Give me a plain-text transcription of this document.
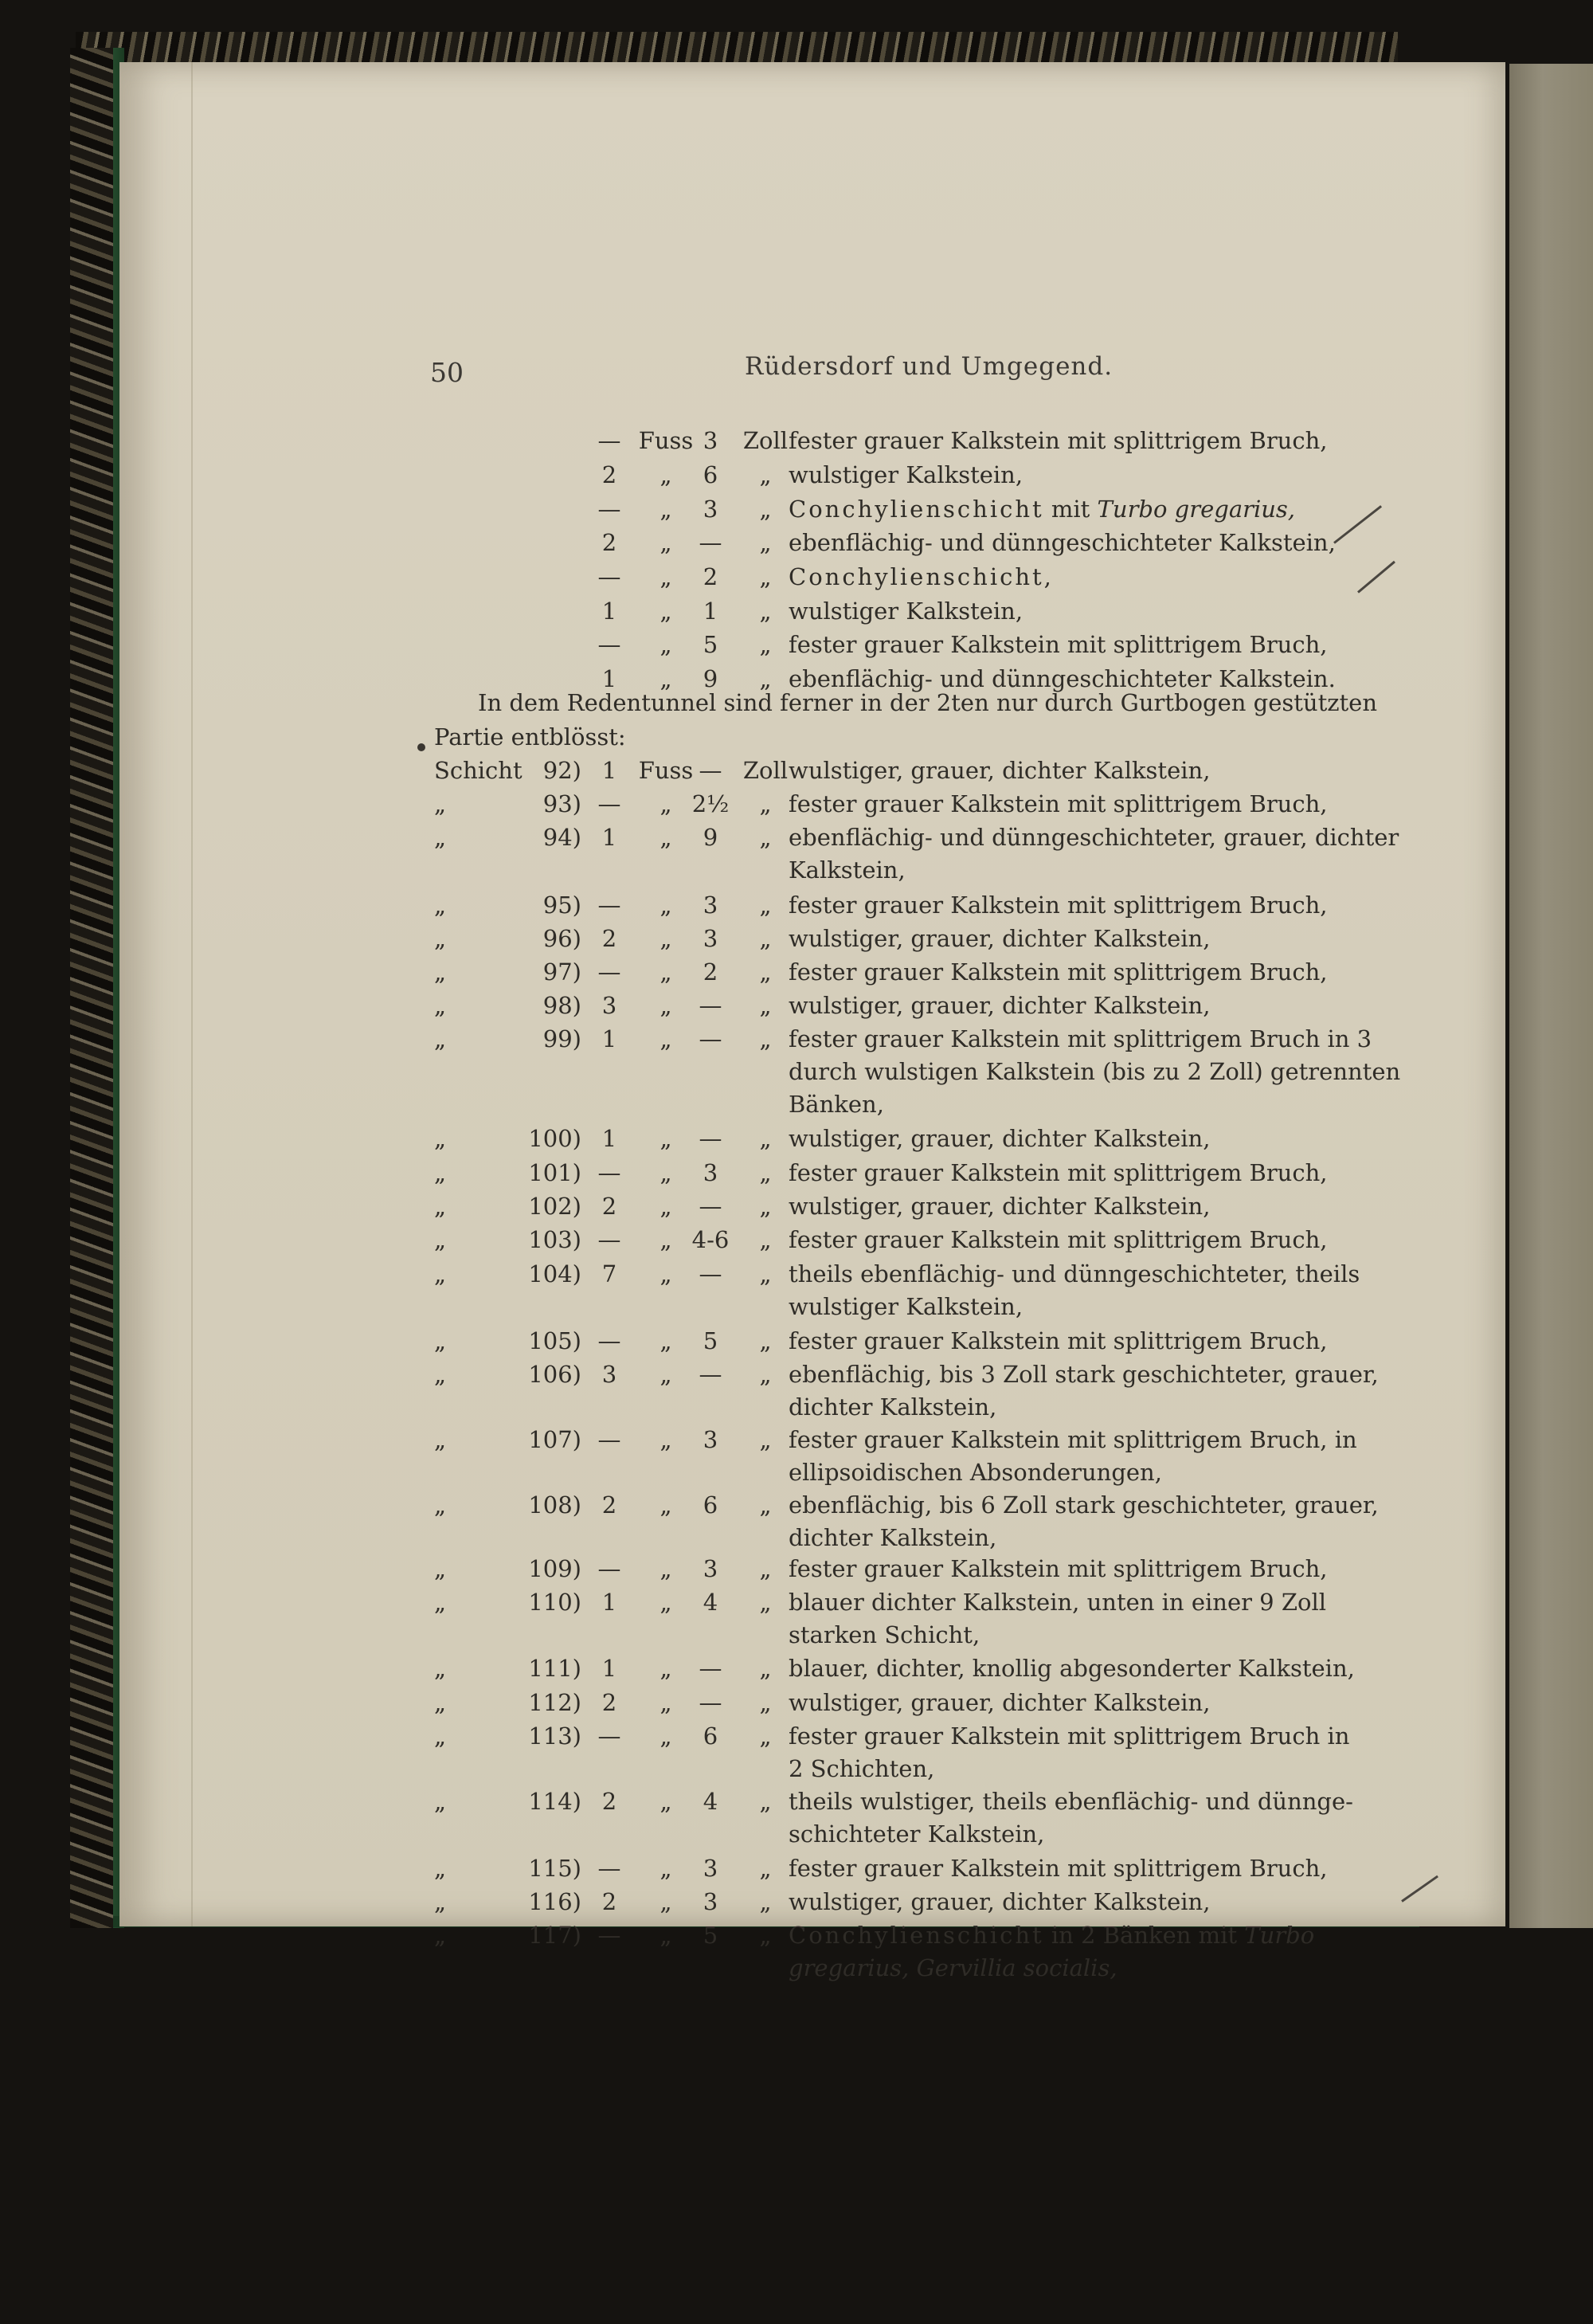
50	Rüdersdorf und Umgegend.
— Fuss 3	Zoll fester grauer Kalkstein mit splittrigem Bruch,
2	„	6	„ wulstiger Kalkstein,
—	„	3	„ Conchylienschicht mit Turbo gregarius,
2	„	—	„ ebenflächig- und dünngeschichteter Kalkstein,
—	„	2	„ Conchylienschicht,
1	„	1	„ wulstiger Kalkstein,
—	„	5	„ fester grauer Kalkstein mit splittrigem Bruch,
1	„	9	„ ebenflächig- und dünngeschichteter Kalkstein.
In dem Redentunnel sind ferner in der 2ten nur durch Gurtbogen gestützten
Partie entblösst:
Schicht 92) 1 Fuss — Zoll wulstiger, grauer, dichter Kalkstein,
„	93) —	„ 2½	„ fester grauer Kalkstein mit splittrigem Bruch,
„	94) 1	„	9	„ ebenflächig- und dünngeschichteter, grauer, dichter
Kalkstein,
„	95) —	„	3	„ fester grauer Kalkstein mit splittrigem Bruch,
„	96) 2	„	3	„ wulstiger, grauer, dichter Kalkstein,
„	97) —	„	2	„ fester grauer Kalkstein mit splittrigem Bruch,
„	98) 3	„	—	„ wulstiger, grauer, dichter Kalkstein,
„	99) 1	„	—	„ fester grauer Kalkstein mit splittrigem Bruch in 3
durch wulstigen Kalkstein (bis zu 2 Zoll) getrennten
Bänken,
„	100) 1	„	—	„ wulstiger, grauer, dichter Kalkstein,
„	101) —	„	3	„ fester grauer Kalkstein mit splittrigem Bruch,
„	102) 2	„	—	„ wulstiger, grauer, dichter Kalkstein,
„	103) —	„ 4-6	„ fester grauer Kalkstein mit splittrigem Bruch,
„	104) 7	„	—	„ theils ebenflächig- und dünngeschichteter, theils
wulstiger Kalkstein,
„	105) —	„	5	„ fester grauer Kalkstein mit splittrigem Bruch,
„	106) 3	„	—	„ ebenflächig, bis 3 Zoll stark geschichteter, grauer,
dichter Kalkstein,
„	107) —	„	3	„ fester grauer Kalkstein mit splittrigem Bruch, in
ellipsoidischen Absonderungen,
„	108) 2	„	6	„ ebenflächig, bis 6 Zoll stark geschichteter, grauer,
dichter Kalkstein,
„	109) —	„	3	„ fester grauer Kalkstein mit splittrigem Bruch,
„	110) 1	„	4	„ blauer dichter Kalkstein, unten in einer 9 Zoll
starken Schicht,
„	111) 1	„	—	„ blauer, dichter, knollig abgesonderter Kalkstein,
„	112) 2	„	—	„ wulstiger, grauer, dichter Kalkstein,
„	113) —	„	6	„ fester grauer Kalkstein mit splittrigem Bruch in
2 Schichten,
„	114) 2	„	4	„ theils wulstiger, theils ebenflächig- und dünnge-
schichteter Kalkstein,
„	115) —	„	3	„ fester grauer Kalkstein mit splittrigem Bruch,
„	116) 2	„	3	„ wulstiger, grauer, dichter Kalkstein,
„	117) —	„	5	„ Conchylienschicht in 2 Bänken mit Turbo
gregarius, Gervillia socialis,
